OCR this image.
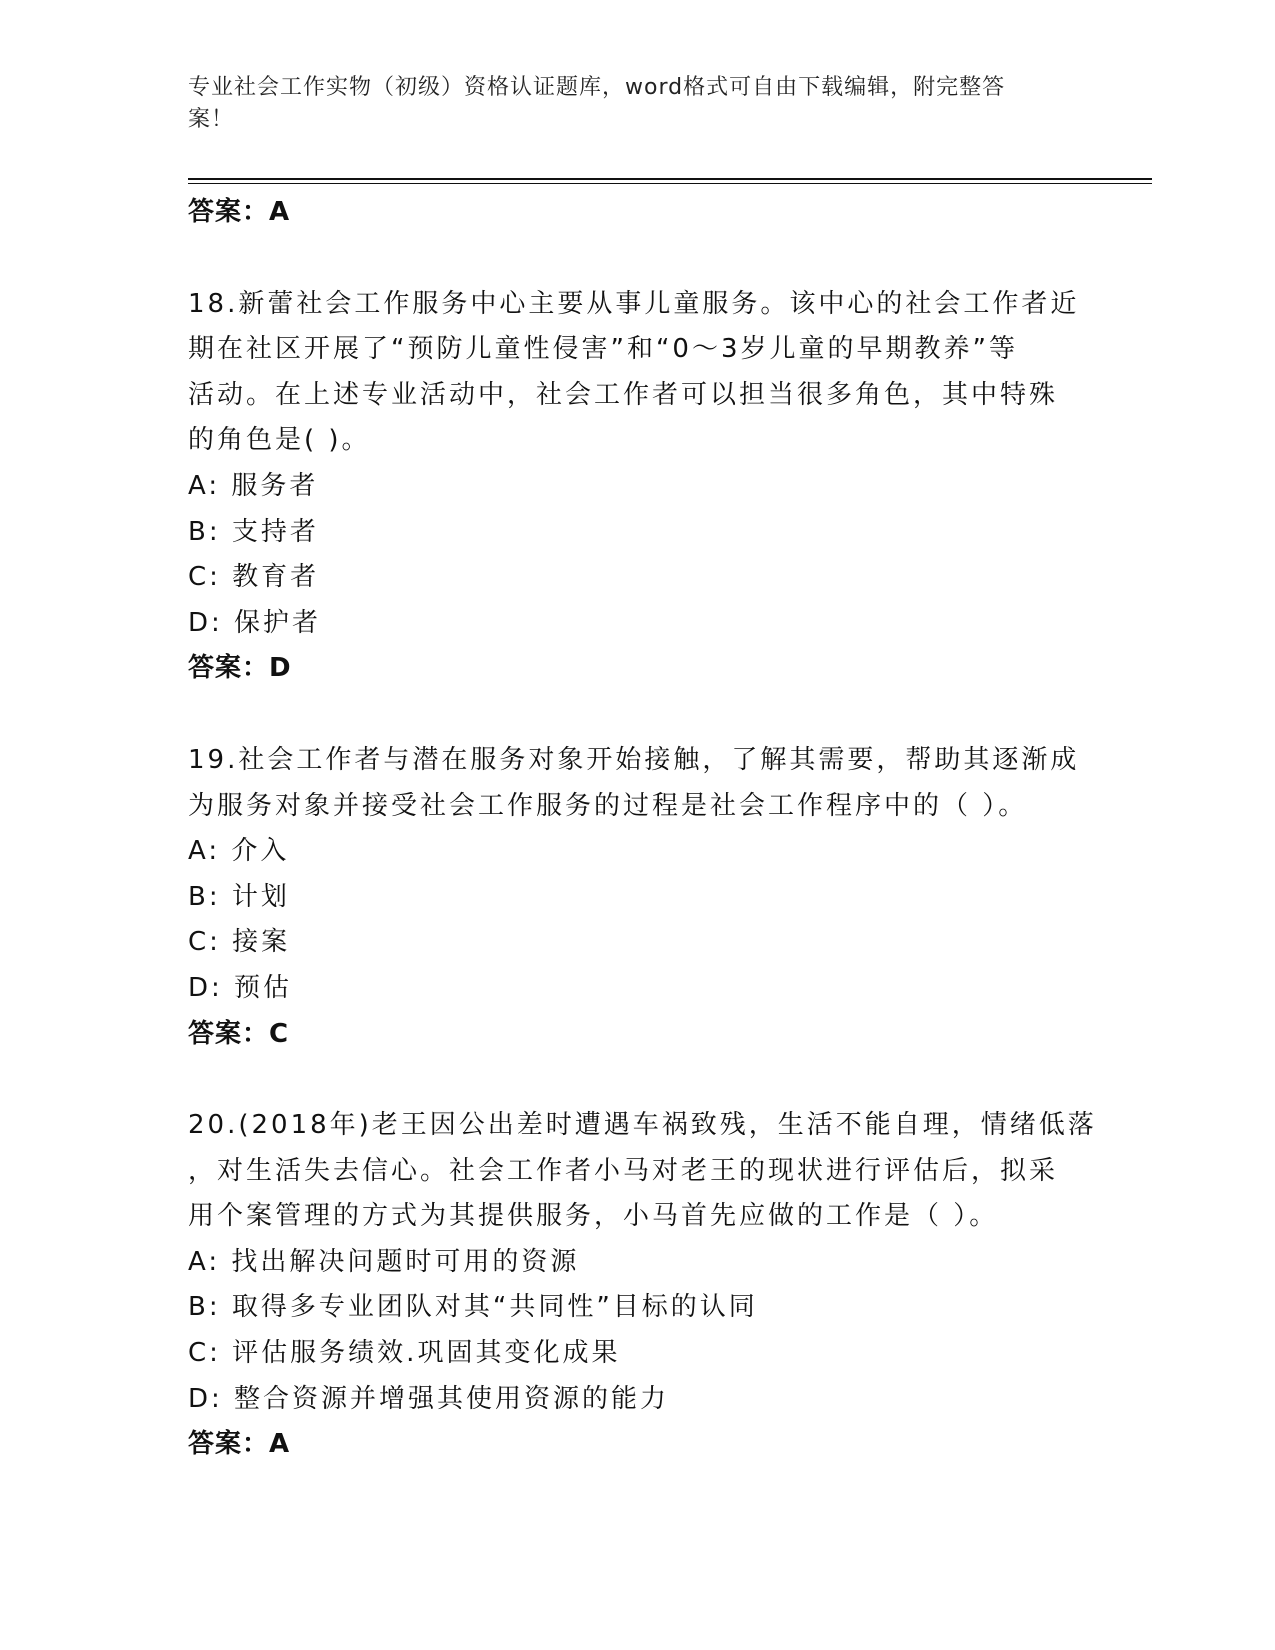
专业社会工作实物（初级）资格认证题库，word格式可自由下载编辑，附完整答
案！
答案：A
18.新蕾社会工作服务中心主要从事儿童服务。该中心的社会工作者近
期在社区开展了“预防儿童性侵害”和“0～3岁儿童的早期教养”等
活动。在上述专业活动中，社会工作者可以担当很多角色，其中特殊
的角色是( )。
A: 服务者
B: 支持者
C: 教育者
D: 保护者
答案：D
19.社会工作者与潜在服务对象开始接触，了解其需要，帮助其逐渐成
为服务对象并接受社会工作服务的过程是社会工作程序中的（ ）。
A: 介入
B: 计划
C: 接案
D: 预估
答案：C
20.(2018年)老王因公出差时遭遇车祸致残，生活不能自理，情绪低落
，对生活失去信心。社会工作者小马对老王的现状进行评估后，拟采
用个案管理的方式为其提供服务，小马首先应做的工作是（ ）。
A: 找出解决问题时可用的资源
B: 取得多专业团队对其“共同性”目标的认同
C: 评估服务绩效.巩固其变化成果
D: 整合资源并增强其使用资源的能力
答案：A
